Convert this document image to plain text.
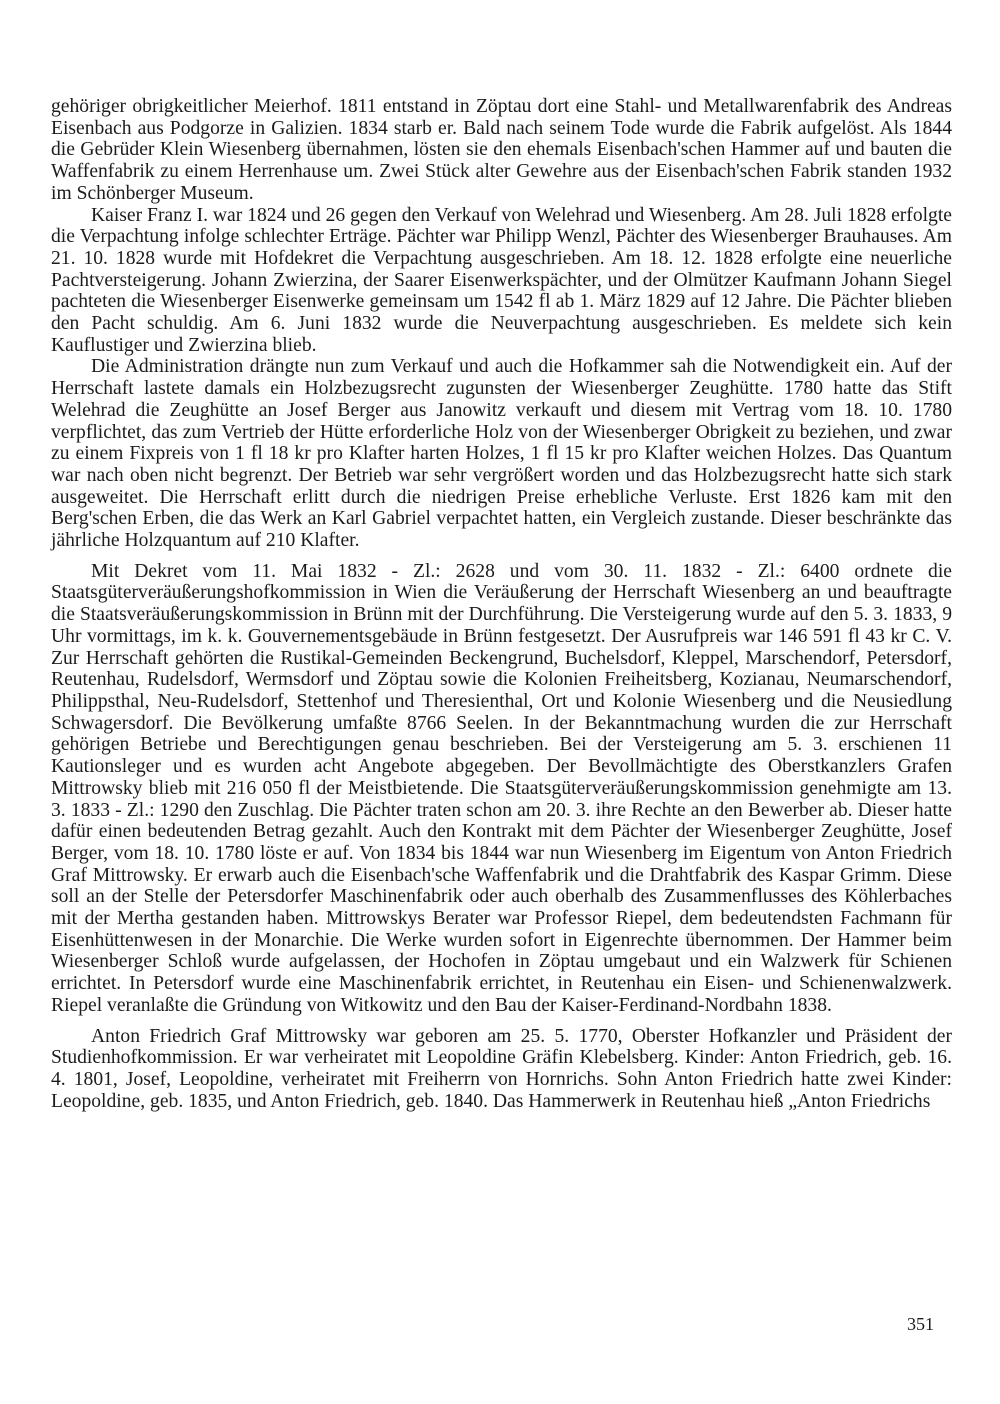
gehöriger obrigkeitlicher Meierhof. 1811 entstand in Zöptau dort eine Stahl- und Metallwarenfabrik des Andreas Eisenbach aus Podgorze in Galizien. 1834 starb er. Bald nach seinem Tode wurde die Fabrik aufgelöst. Als 1844 die Gebrüder Klein Wiesenberg übernahmen, lösten sie den ehemals Eisenbach'schen Hammer auf und bauten die Waffenfabrik zu einem Herrenhause um. Zwei Stück alter Gewehre aus der Eisenbach'schen Fabrik standen 1932 im Schönberger Museum.

Kaiser Franz I. war 1824 und 26 gegen den Verkauf von Welehrad und Wiesenberg. Am 28. Juli 1828 erfolgte die Verpachtung infolge schlechter Erträge. Pächter war Philipp Wenzl, Pächter des Wiesenberger Brauhauses. Am 21. 10. 1828 wurde mit Hofdekret die Verpachtung ausgeschrieben. Am 18. 12. 1828 erfolgte eine neuerliche Pachtversteigerung. Johann Zwierzina, der Saarer Eisenwerkspächter, und der Olmützer Kaufmann Johann Siegel pachteten die Wiesenberger Eisenwerke gemeinsam um 1542 fl ab 1. März 1829 auf 12 Jahre. Die Pächter blieben den Pacht schuldig. Am 6. Juni 1832 wurde die Neuverpachtung ausgeschrieben. Es meldete sich kein Kauflustiger und Zwierzina blieb.

Die Administration drängte nun zum Verkauf und auch die Hofkammer sah die Notwendigkeit ein. Auf der Herrschaft lastete damals ein Holzbezugsrecht zugunsten der Wiesenberger Zeughütte. 1780 hatte das Stift Welehrad die Zeughütte an Josef Berger aus Janowitz verkauft und diesem mit Vertrag vom 18. 10. 1780 verpflichtet, das zum Vertrieb der Hütte erforderliche Holz von der Wiesenberger Obrigkeit zu beziehen, und zwar zu einem Fixpreis von 1 fl 18 kr pro Klafter harten Holzes, 1 fl 15 kr pro Klafter weichen Holzes. Das Quantum war nach oben nicht begrenzt. Der Betrieb war sehr vergrößert worden und das Holzbezugsrecht hatte sich stark ausgeweitet. Die Herrschaft erlitt durch die niedrigen Preise erhebliche Verluste. Erst 1826 kam mit den Berg'schen Erben, die das Werk an Karl Gabriel verpachtet hatten, ein Vergleich zustande. Dieser beschränkte das jährliche Holzquantum auf 210 Klafter.

Mit Dekret vom 11. Mai 1832 - Zl.: 2628 und vom 30. 11. 1832 - Zl.: 6400 ordnete die Staatsgüterveräußerungshofkommission in Wien die Veräußerung der Herrschaft Wiesenberg an und beauftragte die Staatsveräußerungskommission in Brünn mit der Durchführung. Die Versteigerung wurde auf den 5. 3. 1833, 9 Uhr vormittags, im k. k. Gouvernementsgebäude in Brünn festgesetzt. Der Ausrufpreis war 146 591 fl 43 kr C. V. Zur Herrschaft gehörten die Rustikal-Gemeinden Beckengrund, Buchelsdorf, Kleppel, Marschendorf, Petersdorf, Reutenhau, Rudelsdorf, Wermsdorf und Zöptau sowie die Kolonien Freiheitsberg, Kozianau, Neumarschendorf, Philippsthal, Neu-Rudelsdorf, Stettenhof und Theresienthal, Ort und Kolonie Wiesenberg und die Neusiedlung Schwagersdorf. Die Bevölkerung umfaßte 8766 Seelen. In der Bekanntmachung wurden die zur Herrschaft gehörigen Betriebe und Berechtigungen genau beschrieben. Bei der Versteigerung am 5. 3. erschienen 11 Kautionsleger und es wurden acht Angebote abgegeben. Der Bevollmächtigte des Oberstkanzlers Grafen Mittrowsky blieb mit 216 050 fl der Meistbietende. Die Staatsgüterveräußerungskommission genehmigte am 13. 3. 1833 - Zl.: 1290 den Zuschlag. Die Pächter traten schon am 20. 3. ihre Rechte an den Bewerber ab. Dieser hatte dafür einen bedeutenden Betrag gezahlt. Auch den Kontrakt mit dem Pächter der Wiesenberger Zeughütte, Josef Berger, vom 18. 10. 1780 löste er auf. Von 1834 bis 1844 war nun Wiesenberg im Eigentum von Anton Friedrich Graf Mittrowsky. Er erwarb auch die Eisenbach'sche Waffenfabrik und die Drahtfabrik des Kaspar Grimm. Diese soll an der Stelle der Petersdorfer Maschinenfabrik oder auch oberhalb des Zusammenflusses des Köhlerbaches mit der Mertha gestanden haben. Mittrowskys Berater war Professor Riepel, dem bedeutendsten Fachmann für Eisenhüttenwesen in der Monarchie. Die Werke wurden sofort in Eigenrechte übernommen. Der Hammer beim Wiesenberger Schloß wurde aufgelassen, der Hochofen in Zöptau umgebaut und ein Walzwerk für Schienen errichtet. In Petersdorf wurde eine Maschinenfabrik errichtet, in Reutenhau ein Eisen- und Schienenwalzwerk. Riepel veranlaßte die Gründung von Witkowitz und den Bau der Kaiser-Ferdinand-Nordbahn 1838.

Anton Friedrich Graf Mittrowsky war geboren am 25. 5. 1770, Oberster Hofkanzler und Präsident der Studienhofkommission. Er war verheiratet mit Leopoldine Gräfin Klebelsberg. Kinder: Anton Friedrich, geb. 16. 4. 1801, Josef, Leopoldine, verheiratet mit Freiherrn von Hornrichs. Sohn Anton Friedrich hatte zwei Kinder: Leopoldine, geb. 1835, und Anton Friedrich, geb. 1840. Das Hammerwerk in Reutenhau hieß „Anton Friedrichs

351
